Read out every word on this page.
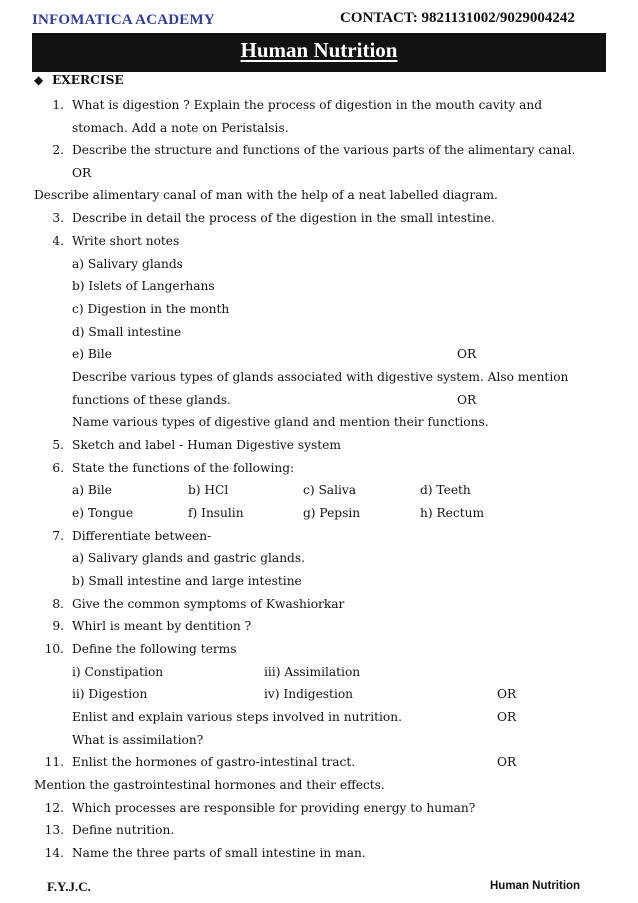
INFOMATICA ACADEMY	CONTACT: 9821131002/9029004242
Human Nutrition
◆ EXERCISE
1. What is digestion ? Explain the process of digestion in the mouth cavity and
stomach. Add a note on Peristalsis.
2. Describe the structure and functions of the various parts of the alimentary canal.
OR
Describe alimentary canal of man with the help of a neat labelled diagram.
3. Describe in detail the process of the digestion in the small intestine.
4. Write short notes
a) Salivary glands
b) Islets of Langerhans
c) Digestion in the month
d) Small intestine
e) Bile	OR
Describe various types of glands associated with digestive system. Also mention
functions of these glands.	OR
Name various types of digestive gland and mention their functions.
5. Sketch and label - Human Digestive system
6. State the functions of the following:
a) Bile	b) HCl	c) Saliva	d) Teeth
e) Tongue	f) Insulin	g) Pepsin	h) Rectum
7. Differentiate between-
a) Salivary glands and gastric glands.
b) Small intestine and large intestine
8. Give the common symptoms of Kwashiorkar
9. Whirl is meant by dentition ?
10. Define the following terms
i) Constipation	iii) Assimilation
ii) Digestion	iv) Indigestion	OR
Enlist and explain various steps involved in nutrition.	OR
What is assimilation?
11. Enlist the hormones of gastro-intestinal tract.	OR
Mention the gastrointestinal hormones and their effects.
12. Which processes are responsible for providing energy to human?
13. Define nutrition.
14. Name the three parts of small intestine in man.
F.Y.J.C.	Human Nutrition
